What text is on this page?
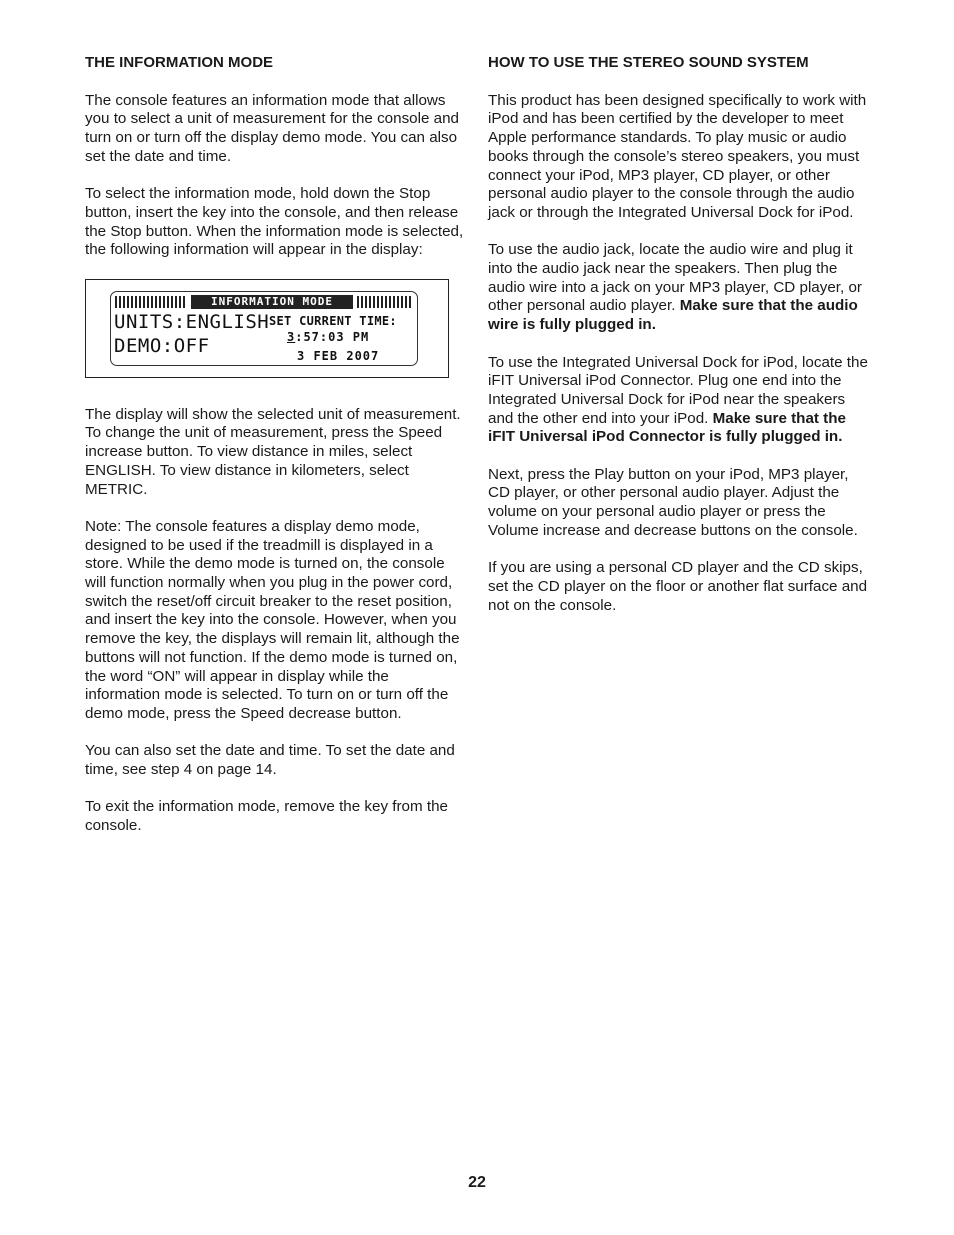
THE INFORMATION MODE

The console features an information mode that allows you to select a unit of measurement for the console and turn on or turn off the display demo mode. You can also set the date and time.

To select the information mode, hold down the Stop button, insert the key into the console, and then release the Stop button. When the information mode is selected, the following information will appear in the display:

INFORMATION MODE
UNITS:ENGLISH
DEMO:OFF
SET CURRENT TIME:
3:57:03 PM
3 FEB 2007

The display will show the selected unit of measurement. To change the unit of measurement, press the Speed increase button. To view distance in miles, select ENGLISH. To view distance in kilometers, select METRIC.

Note: The console features a display demo mode, designed to be used if the treadmill is displayed in a store. While the demo mode is turned on, the console will function normally when you plug in the power cord, switch the reset/off circuit breaker to the reset position, and insert the key into the console. However, when you remove the key, the displays will remain lit, although the buttons will not function. If the demo mode is turned on, the word “ON” will appear in display while the information mode is selected. To turn on or turn off the demo mode, press the Speed decrease button.

You can also set the date and time. To set the date and time, see step 4 on page 14.

To exit the information mode, remove the key from the console.

HOW TO USE THE STEREO SOUND SYSTEM

This product has been designed specifically to work with iPod and has been certified by the developer to meet Apple performance standards. To play music or audio books through the console’s stereo speakers, you must connect your iPod, MP3 player, CD player, or other personal audio player to the console through the audio jack or through the Integrated Universal Dock for iPod.

To use the audio jack, locate the audio wire and plug it into the audio jack near the speakers. Then plug the audio wire into a jack on your MP3 player, CD player, or other personal audio player. Make sure that the audio wire is fully plugged in.

To use the Integrated Universal Dock for iPod, locate the iFIT Universal iPod Connector. Plug one end into the Integrated Universal Dock for iPod near the speakers and the other end into your iPod. Make sure that the iFIT Universal iPod Connector is fully plugged in.

Next, press the Play button on your iPod, MP3 player, CD player, or other personal audio player. Adjust the volume on your personal audio player or press the Volume increase and decrease buttons on the console.

If you are using a personal CD player and the CD skips, set the CD player on the floor or another flat surface and not on the console.

22
